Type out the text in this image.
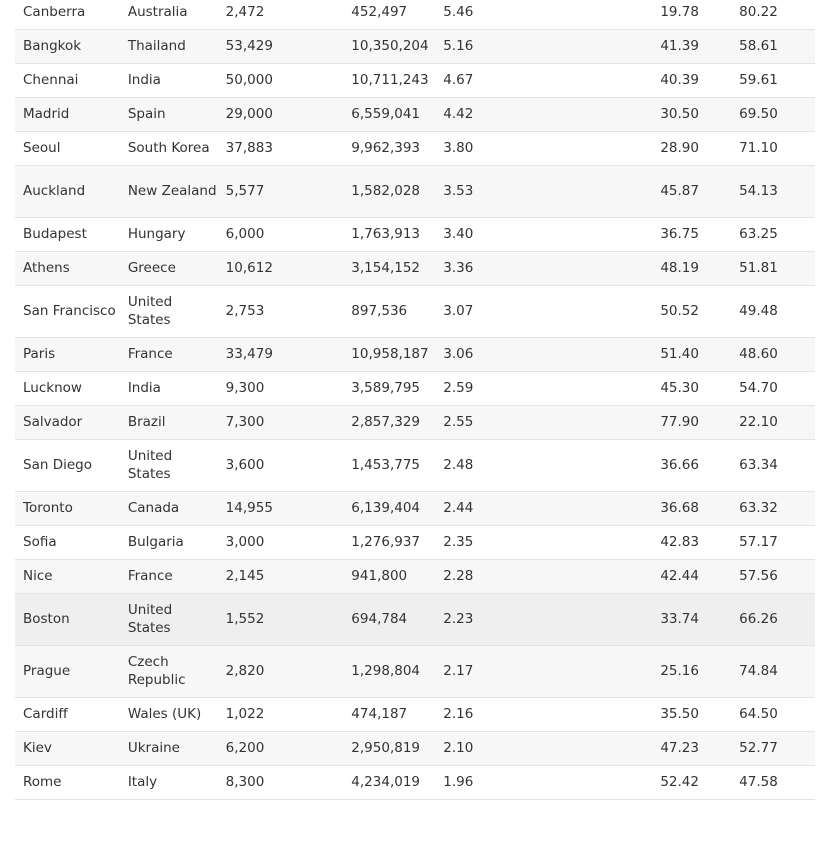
Canberra	Australia	2,472	452,497	5.46	19.78	80.22
Bangkok	Thailand	53,429	10,350,204	5.16	41.39	58.61
Chennai	India	50,000	10,711,243	4.67	40.39	59.61
Madrid	Spain	29,000	6,559,041	4.42	30.50	69.50
Seoul	South Korea	37,883	9,962,393	3.80	28.90	71.10
Auckland	New Zealand	5,577	1,582,028	3.53	45.87	54.13
Budapest	Hungary	6,000	1,763,913	3.40	36.75	63.25
Athens	Greece	10,612	3,154,152	3.36	48.19	51.81
San Francisco	United States	2,753	897,536	3.07	50.52	49.48
Paris	France	33,479	10,958,187	3.06	51.40	48.60
Lucknow	India	9,300	3,589,795	2.59	45.30	54.70
Salvador	Brazil	7,300	2,857,329	2.55	77.90	22.10
San Diego	United States	3,600	1,453,775	2.48	36.66	63.34
Toronto	Canada	14,955	6,139,404	2.44	36.68	63.32
Sofia	Bulgaria	3,000	1,276,937	2.35	42.83	57.17
Nice	France	2,145	941,800	2.28	42.44	57.56
Boston	United States	1,552	694,784	2.23	33.74	66.26
Prague	Czech Republic	2,820	1,298,804	2.17	25.16	74.84
Cardiff	Wales (UK)	1,022	474,187	2.16	35.50	64.50
Kiev	Ukraine	6,200	2,950,819	2.10	47.23	52.77
Rome	Italy	8,300	4,234,019	1.96	52.42	47.58
